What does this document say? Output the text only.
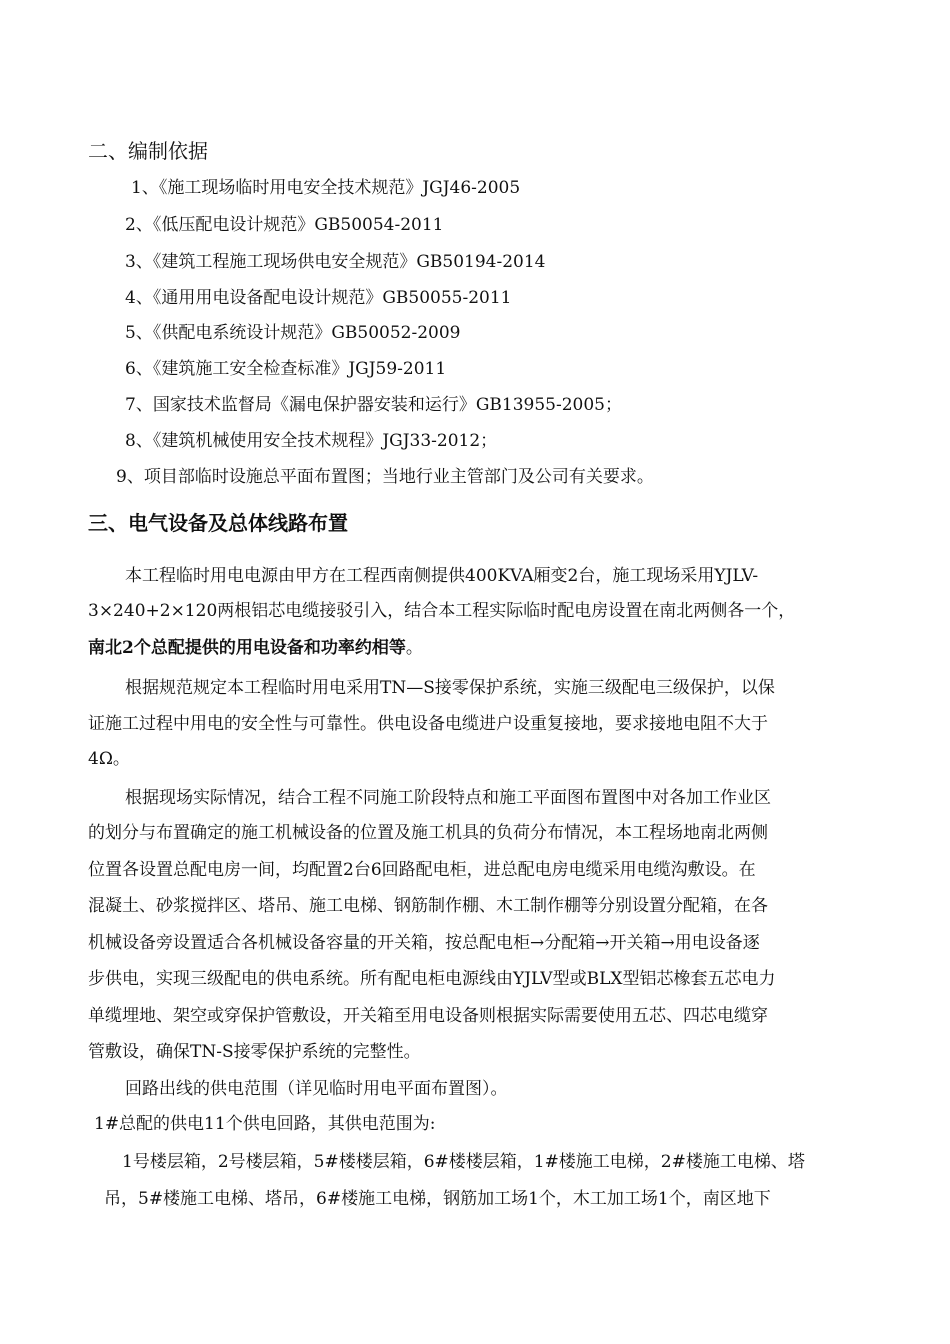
二、编制依据
1、《施工现场临时用电安全技术规范》JGJ46-2005
2、《低压配电设计规范》GB50054-2011
3、《建筑工程施工现场供电安全规范》GB50194-2014
4、《通用用电设备配电设计规范》GB50055-2011
5、《供配电系统设计规范》GB50052-2009
6、《建筑施工安全检查标准》JGJ59-2011
7、国家技术监督局《漏电保护器安装和运行》GB13955-2005；
8、《建筑机械使用安全技术规程》JGJ33-2012；
9、项目部临时设施总平面布置图；当地行业主管部门及公司有关要求。
三、电气设备及总体线路布置
本工程临时用电电源由甲方在工程西南侧提供400KVA厢变2台，施工现场采用YJLV-
3×240+2×120两根铝芯电缆接驳引入，结合本工程实际临时配电房设置在南北两侧各一个，
南北2个总配提供的用电设备和功率约相等。
根据规范规定本工程临时用电采用TN—S接零保护系统，实施三级配电三级保护，以保
证施工过程中用电的安全性与可靠性。供电设备电缆进户设重复接地，要求接地电阻不大于
4Ω。
根据现场实际情况，结合工程不同施工阶段特点和施工平面图布置图中对各加工作业区
的划分与布置确定的施工机械设备的位置及施工机具的负荷分布情况，本工程场地南北两侧
位置各设置总配电房一间，均配置2台6回路配电柜，进总配电房电缆采用电缆沟敷设。在
混凝土、砂浆搅拌区、塔吊、施工电梯、钢筋制作棚、木工制作棚等分别设置分配箱，在各
机械设备旁设置适合各机械设备容量的开关箱，按总配电柜→分配箱→开关箱→用电设备逐
步供电，实现三级配电的供电系统。所有配电柜电源线由YJLV型或BLX型铝芯橡套五芯电力
单缆埋地、架空或穿保护管敷设，开关箱至用电设备则根据实际需要使用五芯、四芯电缆穿
管敷设，确保TN-S接零保护系统的完整性。
回路出线的供电范围（详见临时用电平面布置图）。
1#总配的供电11个供电回路，其供电范围为:
1号楼层箱，2号楼层箱，5#楼楼层箱，6#楼楼层箱，1#楼施工电梯，2#楼施工电梯、塔
吊，5#楼施工电梯、塔吊，6#楼施工电梯，钢筋加工场1个，木工加工场1个，南区地下
